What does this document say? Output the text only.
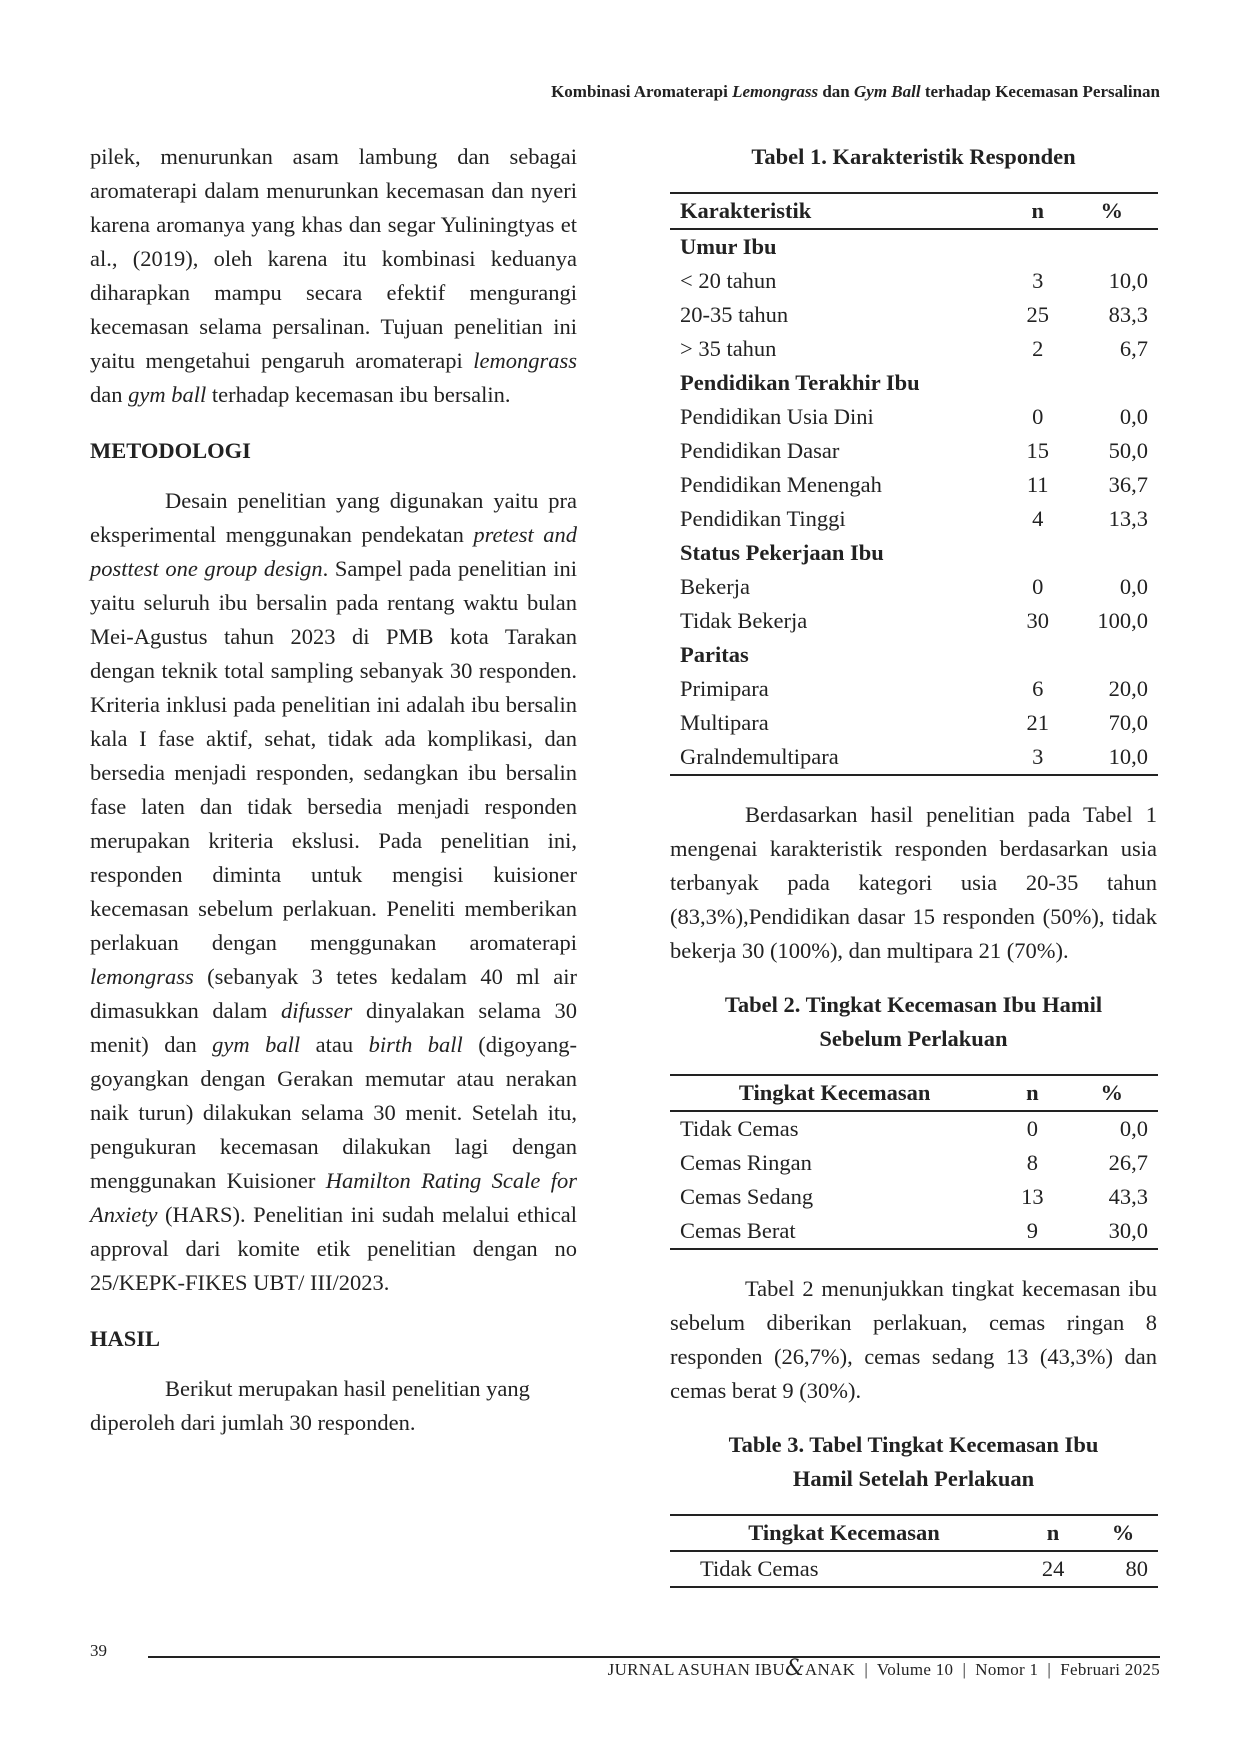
Kombinasi Aromaterapi Lemongrass dan Gym Ball terhadap Kecemasan Persalinan

pilek, menurunkan asam lambung dan sebagai aromaterapi dalam menurunkan kecemasan dan nyeri karena aromanya yang khas dan segar Yuliningtyas et al., (2019), oleh karena itu kombinasi keduanya diharapkan mampu secara efektif mengurangi kecemasan selama persalinan. Tujuan penelitian ini yaitu mengetahui pengaruh aromaterapi lemongrass dan gym ball terhadap kecemasan ibu bersalin.

METODOLOGI

Desain penelitian yang digunakan yaitu pra eksperimental menggunakan pendekatan pretest and posttest one group design. Sampel pada penelitian ini yaitu seluruh ibu bersalin pada rentang waktu bulan Mei-Agustus tahun 2023 di PMB kota Tarakan dengan teknik total sampling sebanyak 30 responden. Kriteria inklusi pada penelitian ini adalah ibu bersalin kala I fase aktif, sehat, tidak ada komplikasi, dan bersedia menjadi responden, sedangkan ibu bersalin fase laten dan tidak bersedia menjadi responden merupakan kriteria ekslusi. Pada penelitian ini, responden diminta untuk mengisi kuisioner kecemasan sebelum perlakuan. Peneliti memberikan perlakuan dengan menggunakan aromaterapi lemongrass (sebanyak 3 tetes kedalam 40 ml air dimasukkan dalam difusser dinyalakan selama 30 menit) dan gym ball atau birth ball (digoyang-goyangkan dengan Gerakan memutar atau nerakan naik turun) dilakukan selama 30 menit. Setelah itu, pengukuran kecemasan dilakukan lagi dengan menggunakan Kuisioner Hamilton Rating Scale for Anxiety (HARS). Penelitian ini sudah melalui ethical approval dari komite etik penelitian dengan no 25/KEPK-FIKES UBT/ III/2023.

HASIL

Berikut merupakan hasil penelitian yang diperoleh dari jumlah 30 responden.

Tabel 1. Karakteristik Responden
Karakteristik	n	%
Umur Ibu		
< 20 tahun	3	10,0
20-35 tahun	25	83,3
> 35 tahun	2	6,7
Pendidikan Terakhir Ibu		
Pendidikan Usia Dini	0	0,0
Pendidikan Dasar	15	50,0
Pendidikan Menengah	11	36,7
Pendidikan Tinggi	4	13,3
Status Pekerjaan Ibu		
Bekerja	0	0,0
Tidak Bekerja	30	100,0
Paritas		
Primipara	6	20,0
Multipara	21	70,0
Gralndemultipara	3	10,0

Berdasarkan hasil penelitian pada Tabel 1 mengenai karakteristik responden berdasarkan usia terbanyak pada kategori usia 20-35 tahun (83,3%),Pendidikan dasar 15 responden (50%), tidak bekerja 30 (100%), dan multipara 21 (70%).

Tabel 2. Tingkat Kecemasan Ibu Hamil
Sebelum Perlakuan
Tingkat Kecemasan	n	%
Tidak Cemas	0	0,0
Cemas Ringan	8	26,7
Cemas Sedang	13	43,3
Cemas Berat	9	30,0

Tabel 2 menunjukkan tingkat kecemasan ibu sebelum diberikan perlakuan, cemas ringan 8 responden (26,7%), cemas sedang 13 (43,3%) dan cemas berat 9 (30%).

Table 3. Tabel Tingkat Kecemasan Ibu
Hamil Setelah Perlakuan
Tingkat Kecemasan	n	%
Tidak Cemas	24	80
39
JURNAL ASUHAN IBU&ANAK | Volume 10 | Nomor 1 | Februari 2025
